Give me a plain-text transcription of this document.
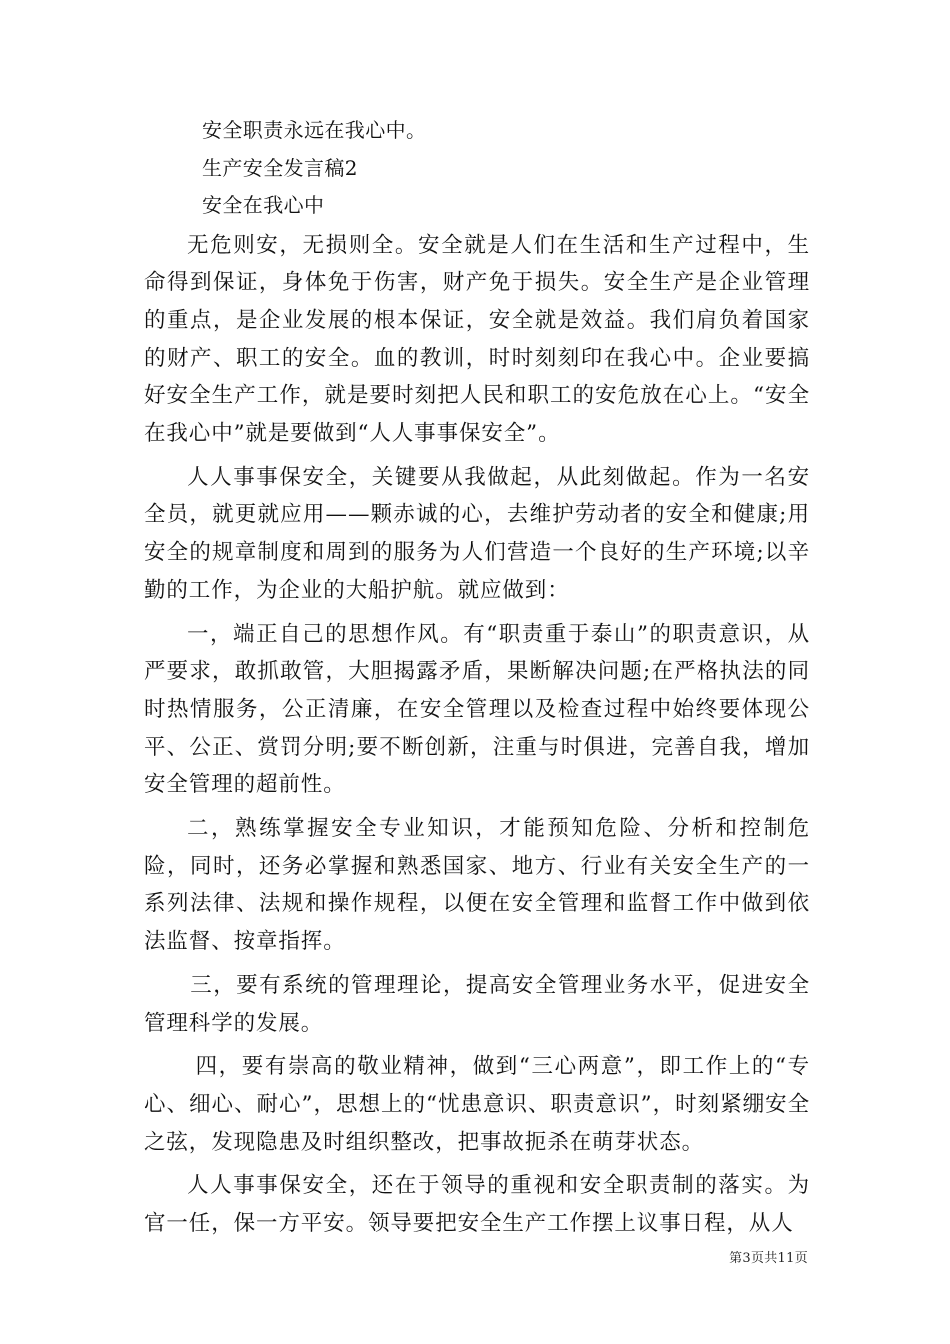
安全职责永远在我心中。
生产安全发言稿2
安全在我心中

无危则安，无损则全。安全就是人们在生活和生产过程中，生命得到保证，身体免于伤害，财产免于损失。安全生产是企业管理的重点，是企业发展的根本保证，安全就是效益。我们肩负着国家的财产、职工的安全。血的教训，时时刻刻印在我心中。企业要搞好安全生产工作，就是要时刻把人民和职工的安危放在心上。“安全在我心中”就是要做到“人人事事保安全”。

人人事事保安全，关键要从我做起，从此刻做起。作为一名安全员，就更就应用——颗赤诚的心，去维护劳动者的安全和健康;用安全的规章制度和周到的服务为人们营造一个良好的生产环境;以辛勤的工作，为企业的大船护航。就应做到：

一，端正自己的思想作风。有“职责重于泰山”的职责意识，从严要求，敢抓敢管，大胆揭露矛盾，果断解决问题;在严格执法的同时热情服务，公正清廉，在安全管理以及检查过程中始终要体现公平、公正、赏罚分明;要不断创新，注重与时俱进，完善自我，增加安全管理的超前性。

二，熟练掌握安全专业知识，才能预知危险、分析和控制危险，同时，还务必掌握和熟悉国家、地方、行业有关安全生产的一系列法律、法规和操作规程，以便在安全管理和监督工作中做到依法监督、按章指挥。

三，要有系统的管理理论，提高安全管理业务水平，促进安全管理科学的发展。

四，要有崇高的敬业精神，做到“三心两意”，即工作上的“专心、细心、耐心”，思想上的“忧患意识、职责意识”，时刻紧绷安全之弦，发现隐患及时组织整改，把事故扼杀在萌芽状态。

人人事事保安全，还在于领导的重视和安全职责制的落实。为官一任，保一方平安。领导要把安全生产工作摆上议事日程，从人

第3页共11页
